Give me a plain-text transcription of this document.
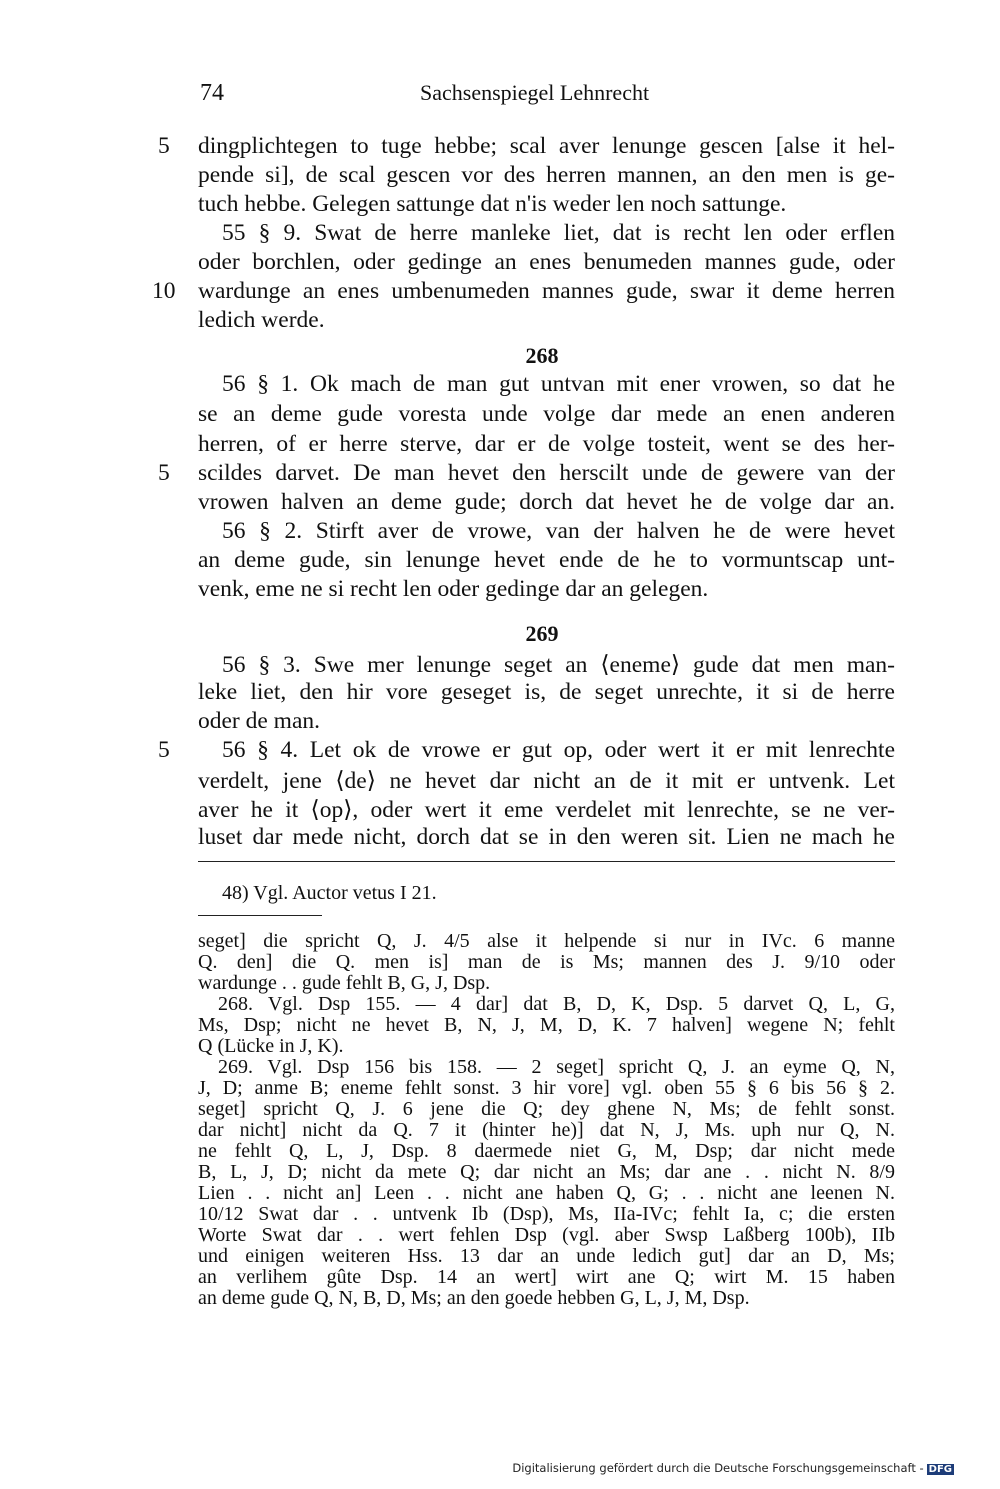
74	Sachsenspiegel Lehnrecht
5
10
5
5
dingplichtegen to tuge hebbe; scal aver lenunge gescen [alse it hel-
pende si], de scal gescen vor des herren mannen, an den men is ge-
tuch hebbe. Gelegen sattunge dat n'is weder len noch sattunge.
55 § 9. Swat de herre manleke liet, dat is recht len oder erflen
oder borchlen, oder gedinge an enes benumeden mannes gude, oder
wardunge an enes umbenumeden mannes gude, swar it deme herren
ledich werde.
268
56 § 1. Ok mach de man gut untvan mit ener vrowen, so dat he
se an deme gude voresta unde volge dar mede an enen anderen
herren, of er herre sterve, dar er de volge tosteit, went se des her-
scildes darvet. De man hevet den herscilt unde de gewere van der
vrowen halven an deme gude; dorch dat hevet he de volge dar an.
56 § 2. Stirft aver de vrowe, van der halven he de were hevet
an deme gude, sin lenunge hevet ende de he to vormuntscap unt-
venk, eme ne si recht len oder gedinge dar an gelegen.
269
56 § 3. Swe mer lenunge seget an ⟨eneme⟩ gude dat men man-
leke liet, den hir vore geseget is, de seget unrechte, it si de herre
oder de man.
56 § 4. Let ok de vrowe er gut op, oder wert it er mit lenrechte
verdelt, jene ⟨de⟩ ne hevet dar nicht an de it mit er untvenk. Let
aver he it ⟨op⟩, oder wert it eme verdelet mit lenrechte, se ne ver-
luset dar mede nicht, dorch dat se in den weren sit. Lien ne mach he
48) Vgl. Auctor vetus I 21.
seget] die spricht Q, J. 4/5 alse it helpende si nur in IVc. 6 manne
Q. den] die Q. men is] man de is Ms; mannen des J. 9/10 oder
wardunge . . gude fehlt B, G, J, Dsp.
268. Vgl. Dsp 155. — 4 dar] dat B, D, K, Dsp. 5 darvet Q, L, G,
Ms, Dsp; nicht ne hevet B, N, J, M, D, K. 7 halven] wegene N; fehlt
Q (Lücke in J, K).
269. Vgl. Dsp 156 bis 158. — 2 seget] spricht Q, J. an eyme Q, N,
J, D; anme B; eneme fehlt sonst. 3 hir vore] vgl. oben 55 § 6 bis 56 § 2.
seget] spricht Q, J. 6 jene die Q; dey ghene N, Ms; de fehlt sonst.
dar nicht] nicht da Q. 7 it (hinter he)] dat N, J, Ms. uph nur Q, N.
ne fehlt Q, L, J, Dsp. 8 daermede niet G, M, Dsp; dar nicht mede
B, L, J, D; nicht da mete Q; dar nicht an Ms; dar ane . . nicht N. 8/9
Lien . . nicht an] Leen . . nicht ane haben Q, G; . . nicht ane leenen N.
10/12 Swat dar . . untvenk Ib (Dsp), Ms, IIa-IVc; fehlt Ia, c; die ersten
Worte Swat dar . . wert fehlen Dsp (vgl. aber Swsp Laßberg 100b), IIb
und einigen weiteren Hss. 13 dar an unde ledich gut] dar an D, Ms;
an verlihem gûte Dsp. 14 an wert] wirt ane Q; wirt M. 15 haben
an deme gude Q, N, B, D, Ms; an den goede hebben G, L, J, M, Dsp.
Digitalisierung gefördert durch die Deutsche Forschungsgemeinschaft - DFG
